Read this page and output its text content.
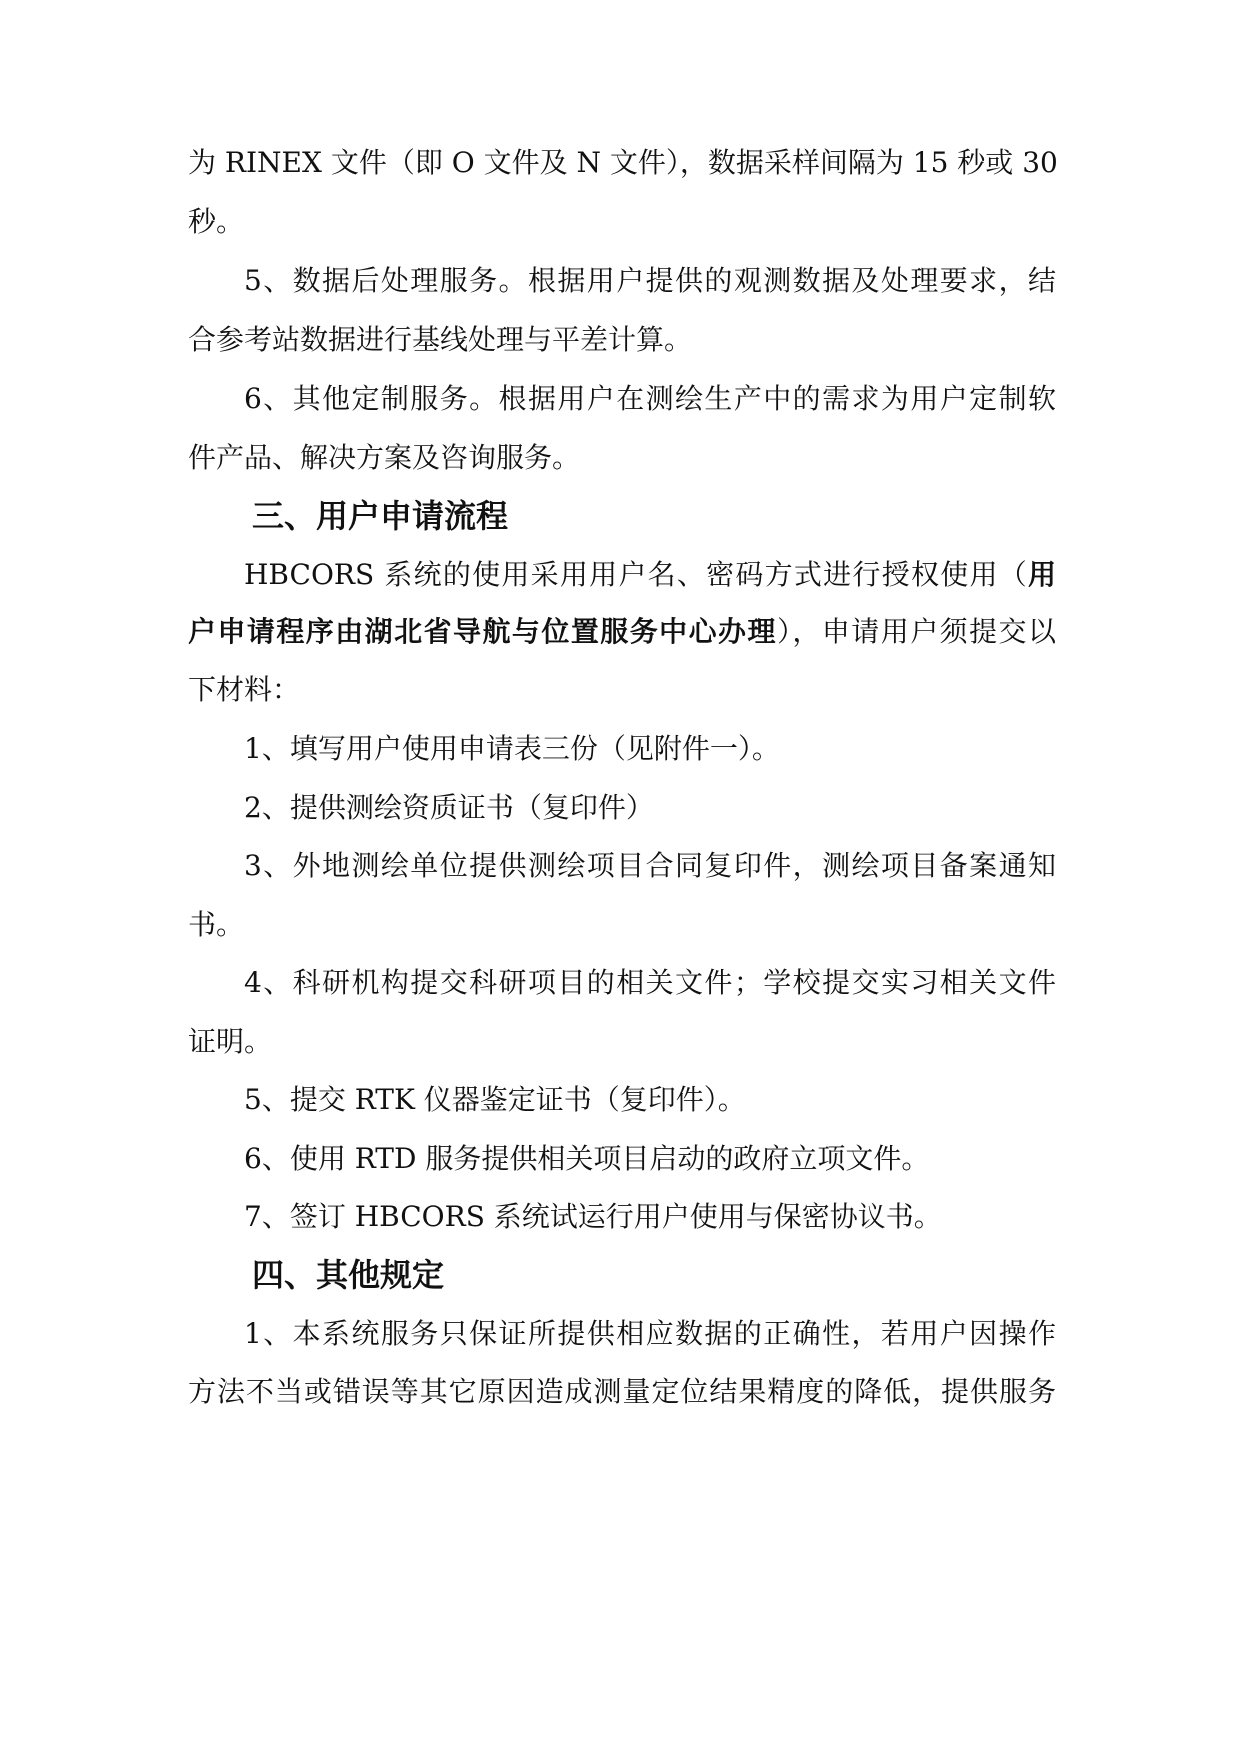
为 RINEX 文件（即 O 文件及 N 文件），数据采样间隔为 15 秒或 30
秒。
5、数据后处理服务。根据用户提供的观测数据及处理要求，结
合参考站数据进行基线处理与平差计算。
6、其他定制服务。根据用户在测绘生产中的需求为用户定制软
件产品、解决方案及咨询服务。
三、用户申请流程
HBCORS 系统的使用采用用户名、密码方式进行授权使用（用
户申请程序由湖北省导航与位置服务中心办理），申请用户须提交以
下材料：
1、填写用户使用申请表三份（见附件一）。
2、提供测绘资质证书（复印件）
3、外地测绘单位提供测绘项目合同复印件，测绘项目备案通知
书。
4、科研机构提交科研项目的相关文件；学校提交实习相关文件
证明。
5、提交 RTK 仪器鉴定证书（复印件）。
6、使用 RTD 服务提供相关项目启动的政府立项文件。
7、签订 HBCORS 系统试运行用户使用与保密协议书。
四、其他规定
1、本系统服务只保证所提供相应数据的正确性，若用户因操作
方法不当或错误等其它原因造成测量定位结果精度的降低，提供服务
